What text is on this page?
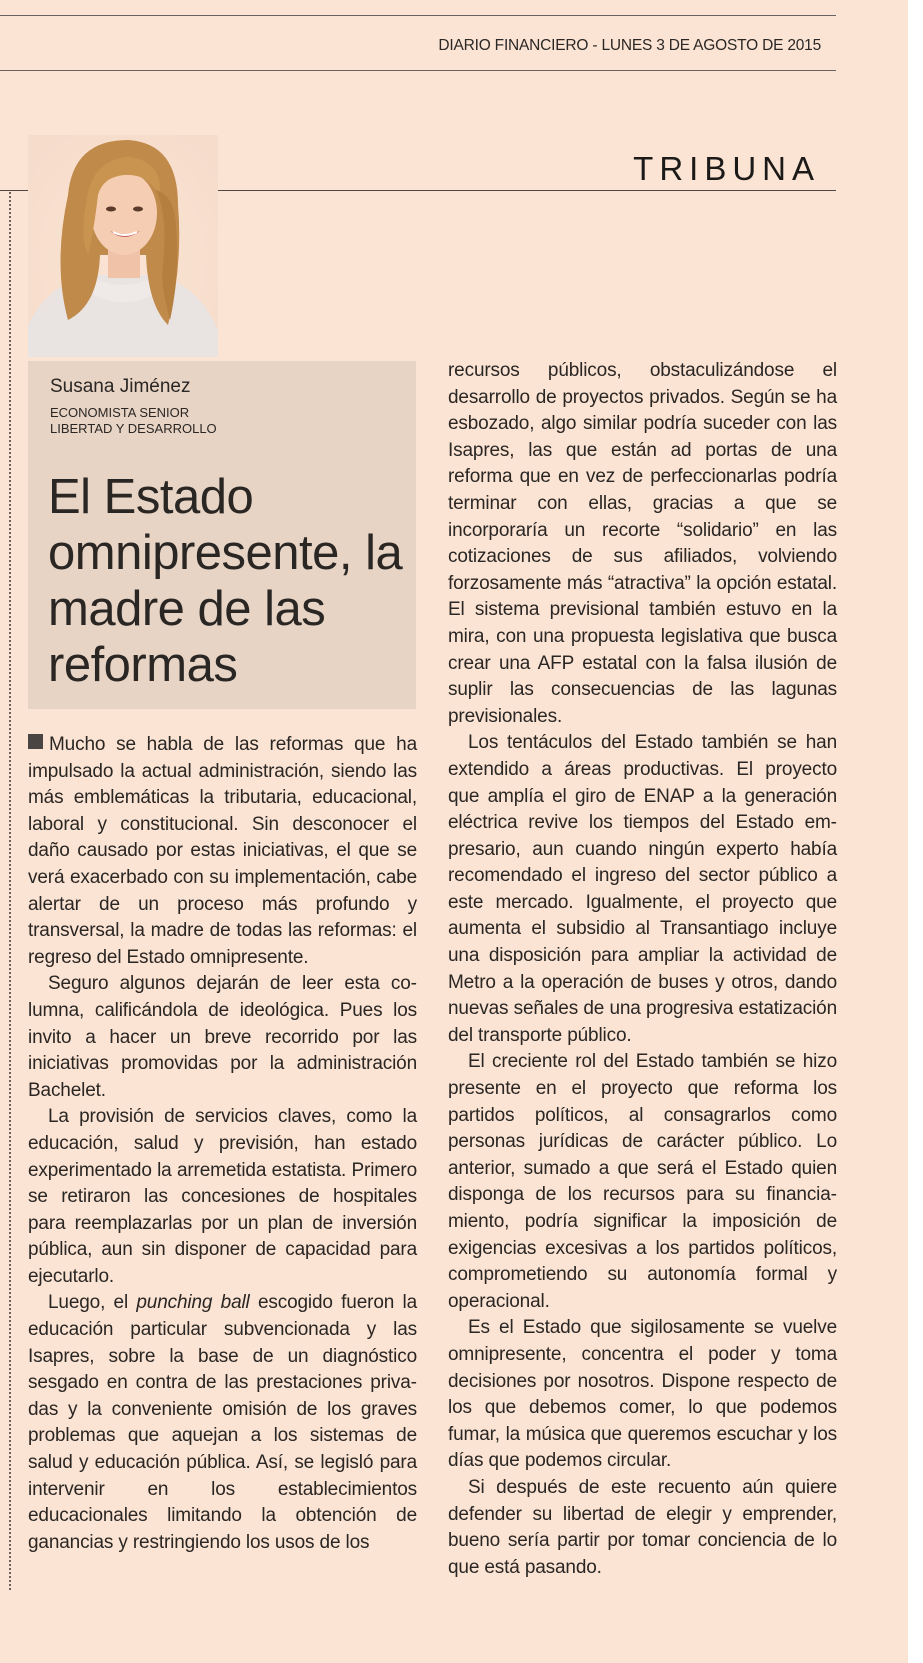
DIARIO FINANCIERO - LUNES 3 DE AGOSTO DE 2015
TRIBUNA
Susana Jiménez
ECONOMISTA SENIOR
LIBERTAD Y DESARROLLO
El Estado omnipresente, la madre de las reformas

Mucho se habla de las reformas que ha impulsado la actual administración, siendo las más emblemáticas la tributaria, educacional, laboral y constitucional. Sin desconocer el daño causado por estas iniciativas, el que se verá exacerbado con su implementación, cabe alertar de un proceso más profundo y transversal, la madre de todas las reformas: el regreso del Estado omnipresente.

Seguro algunos dejarán de leer esta columna, calificándola de ideológica. Pues los invito a hacer un breve recorrido por las iniciativas promovidas por la administración Bachelet.

La provisión de servicios claves, como la educación, salud y previsión, han estado experimentado la arremetida estatista. Primero se retiraron las concesiones de hospitales para reemplazarlas por un plan de inversión pública, aun sin disponer de capacidad para ejecutarlo.

Luego, el punching ball escogido fueron la educación particular subvencionada y las Isapres, sobre la base de un diagnóstico sesgado en contra de las prestaciones privadas y la conveniente omisión de los graves problemas que aquejan a los sistemas de salud y educación pública. Así, se legisló para intervenir en los establecimientos educacionales limitando la obtención de ganancias y restringiendo los usos de los

recursos públicos, obstaculizándose el desarrollo de proyectos privados. Según se ha esbozado, algo similar podría suceder con las Isapres, las que están ad portas de una reforma que en vez de perfeccionarlas podría terminar con ellas, gracias a que se incorporaría un recorte “solidario” en las cotizaciones de sus afiliados, volviendo forzosamente más “atractiva” la opción estatal. El sistema previsional también estuvo en la mira, con una propuesta legislativa que busca crear una AFP estatal con la falsa ilusión de suplir las consecuencias de las lagunas previsionales.

Los tentáculos del Estado también se han extendido a áreas productivas. El proyecto que amplía el giro de ENAP a la generación eléctrica revive los tiempos del Estado empresario, aun cuando ningún experto había recomendado el ingreso del sector público a este mercado. Igualmente, el proyecto que aumenta el subsidio al Transantiago incluye una disposición para ampliar la actividad de Metro a la operación de buses y otros, dando nuevas señales de una progresiva estatización del transporte público.

El creciente rol del Estado también se hizo presente en el proyecto que reforma los partidos políticos, al consagrarlos como personas jurídicas de carácter público. Lo anterior, sumado a que será el Estado quien disponga de los recursos para su financiamiento, podría significar la imposición de exigencias excesivas a los partidos políticos, comprometiendo su autonomía formal y operacional.

Es el Estado que sigilosamente se vuelve omnipresente, concentra el poder y toma decisiones por nosotros. Dispone respecto de los que debemos comer, lo que podemos fumar, la música que queremos escuchar y los días que podemos circular.

Si después de este recuento aún quiere defender su libertad de elegir y emprender, bueno sería partir por tomar conciencia de lo que está pasando.
